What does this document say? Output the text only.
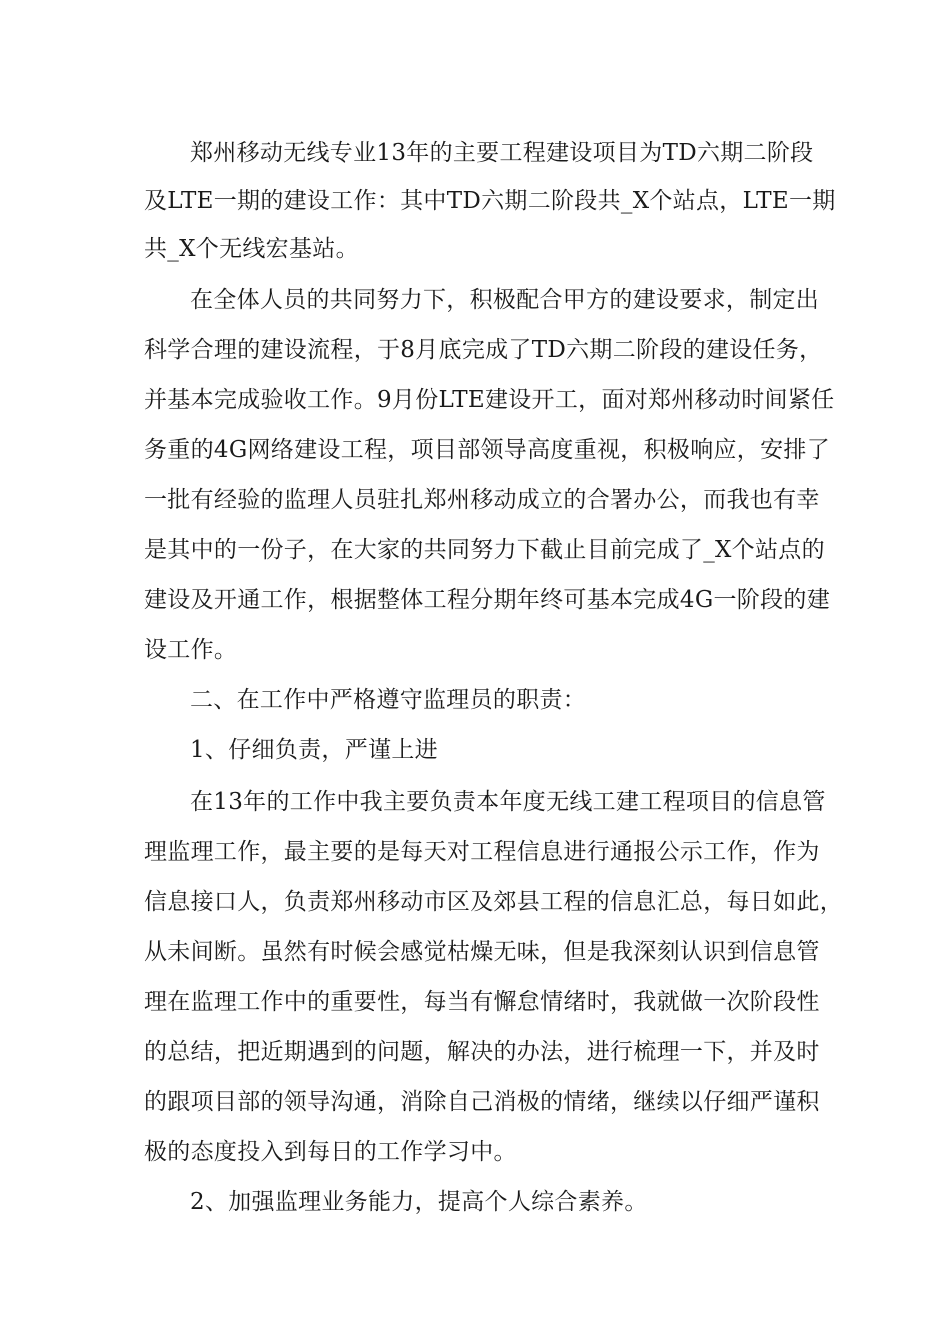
郑州移动无线专业13年的主要工程建设项目为TD六期二阶段
及LTE一期的建设工作：其中TD六期二阶段共_X个站点，LTE一期
共_X个无线宏基站。
在全体人员的共同努力下，积极配合甲方的建设要求，制定出
科学合理的建设流程，于8月底完成了TD六期二阶段的建设任务，
并基本完成验收工作。9月份LTE建设开工，面对郑州移动时间紧任
务重的4G网络建设工程，项目部领导高度重视，积极响应，安排了
一批有经验的监理人员驻扎郑州移动成立的合署办公，而我也有幸
是其中的一份子，在大家的共同努力下截止目前完成了_X个站点的
建设及开通工作，根据整体工程分期年终可基本完成4G一阶段的建
设工作。
二、在工作中严格遵守监理员的职责：
1、仔细负责，严谨上进
在13年的工作中我主要负责本年度无线工建工程项目的信息管
理监理工作，最主要的是每天对工程信息进行通报公示工作，作为
信息接口人，负责郑州移动市区及郊县工程的信息汇总，每日如此，
从未间断。虽然有时候会感觉枯燥无味，但是我深刻认识到信息管
理在监理工作中的重要性，每当有懈怠情绪时，我就做一次阶段性
的总结，把近期遇到的问题，解决的办法，进行梳理一下，并及时
的跟项目部的领导沟通，消除自己消极的情绪，继续以仔细严谨积
极的态度投入到每日的工作学习中。
2、加强监理业务能力，提高个人综合素养。
